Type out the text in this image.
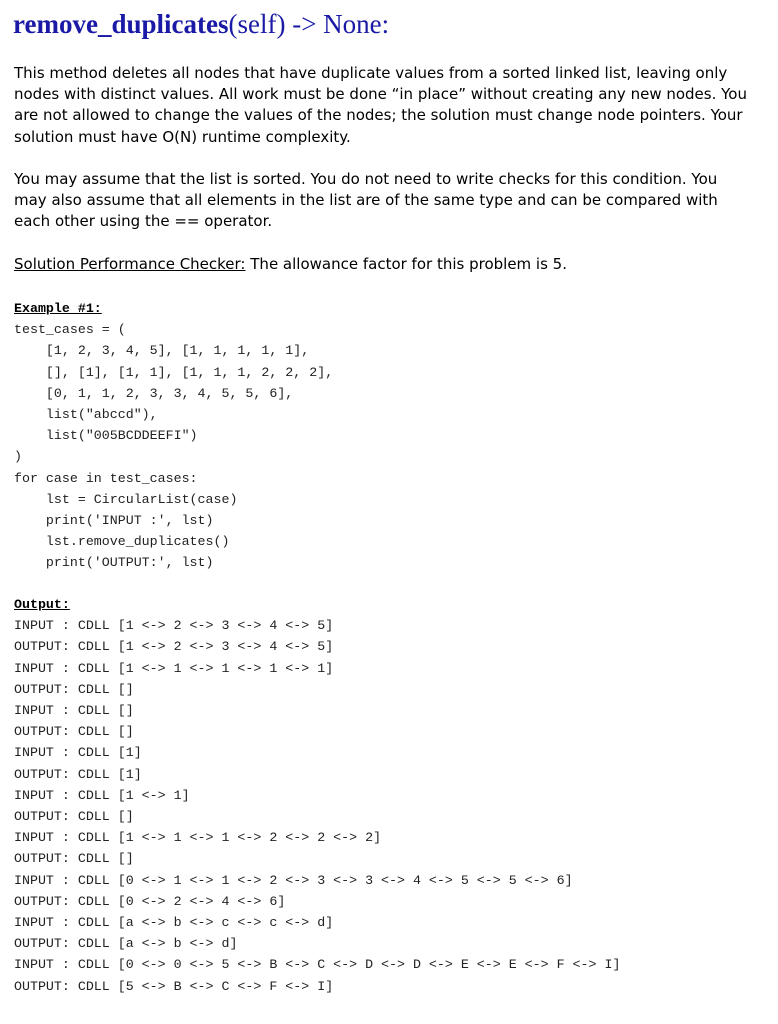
remove_duplicates(self) -> None:

This method deletes all nodes that have duplicate values from a sorted linked list, leaving only nodes with distinct values. All work must be done “in place” without creating any new nodes. You are not allowed to change the values of the nodes; the solution must change node pointers. Your solution must have O(N) runtime complexity.

You may assume that the list is sorted. You do not need to write checks for this condition. You may also assume that all elements in the list are of the same type and can be compared with each other using the == operator.

Solution Performance Checker: The allowance factor for this problem is 5.

Example #1:
test_cases = (
[1, 2, 3, 4, 5], [1, 1, 1, 1, 1],
[], [1], [1, 1], [1, 1, 1, 2, 2, 2],
[0, 1, 1, 2, 3, 3, 4, 5, 5, 6],
list("abccd"),
list("005BCDDEEFI")
)
for case in test_cases:
lst = CircularList(case)
print('INPUT :', lst)
lst.remove_duplicates()
print('OUTPUT:', lst)
Output:
INPUT : CDLL [1 <-> 2 <-> 3 <-> 4 <-> 5]
OUTPUT: CDLL [1 <-> 2 <-> 3 <-> 4 <-> 5]
INPUT : CDLL [1 <-> 1 <-> 1 <-> 1 <-> 1]
OUTPUT: CDLL []
INPUT : CDLL []
OUTPUT: CDLL []
INPUT : CDLL [1]
OUTPUT: CDLL [1]
INPUT : CDLL [1 <-> 1]
OUTPUT: CDLL []
INPUT : CDLL [1 <-> 1 <-> 1 <-> 2 <-> 2 <-> 2]
OUTPUT: CDLL []
INPUT : CDLL [0 <-> 1 <-> 1 <-> 2 <-> 3 <-> 3 <-> 4 <-> 5 <-> 5 <-> 6]
OUTPUT: CDLL [0 <-> 2 <-> 4 <-> 6]
INPUT : CDLL [a <-> b <-> c <-> c <-> d]
OUTPUT: CDLL [a <-> b <-> d]
INPUT : CDLL [0 <-> 0 <-> 5 <-> B <-> C <-> D <-> D <-> E <-> E <-> F <-> I]
OUTPUT: CDLL [5 <-> B <-> C <-> F <-> I]
